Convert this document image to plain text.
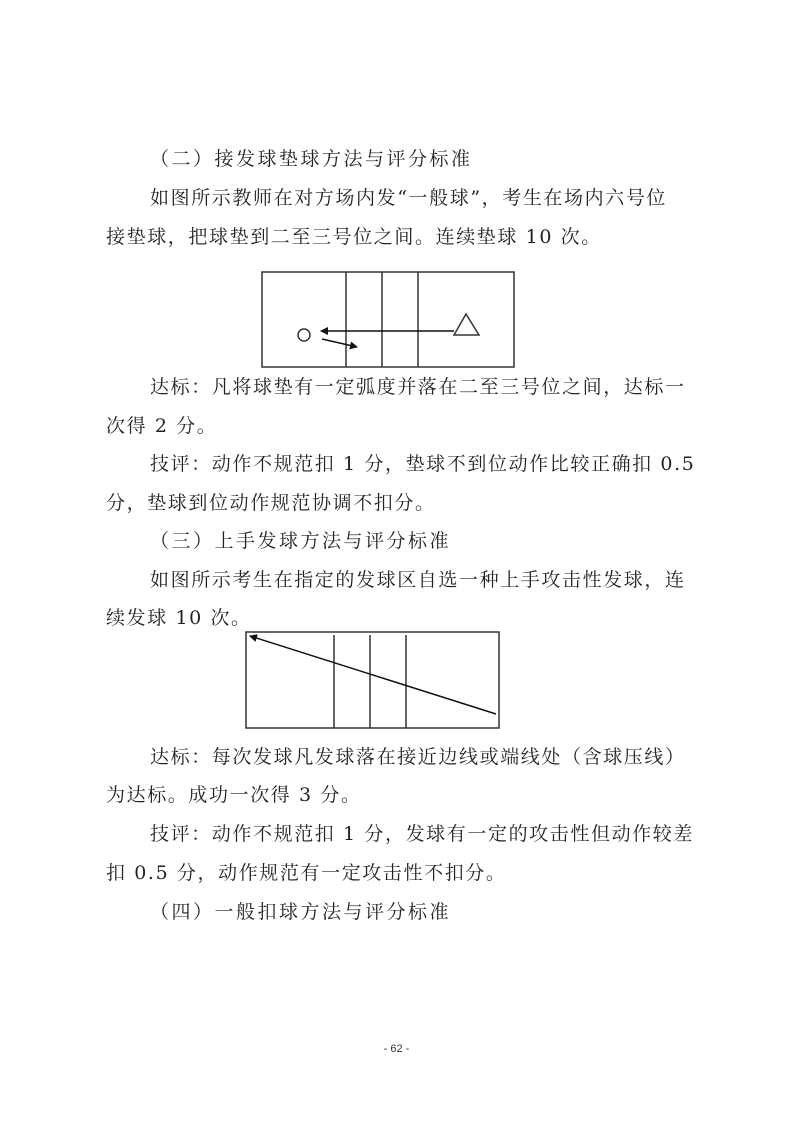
（二）接发球垫球方法与评分标准
如图所示教师在对方场内发“一般球”，考生在场内六号位
接垫球，把球垫到二至三号位之间。连续垫球 10 次。
达标：凡将球垫有一定弧度并落在二至三号位之间，达标一
次得 2 分。
技评：动作不规范扣 1 分，垫球不到位动作比较正确扣 0.5
分，垫球到位动作规范协调不扣分。
（三）上手发球方法与评分标准
如图所示考生在指定的发球区自选一种上手攻击性发球，连
续发球 10 次。
达标：每次发球凡发球落在接近边线或端线处（含球压线）
为达标。成功一次得 3 分。
技评：动作不规范扣 1 分，发球有一定的攻击性但动作较差
扣 0.5 分，动作规范有一定攻击性不扣分。
（四）一般扣球方法与评分标准
- 62 -
